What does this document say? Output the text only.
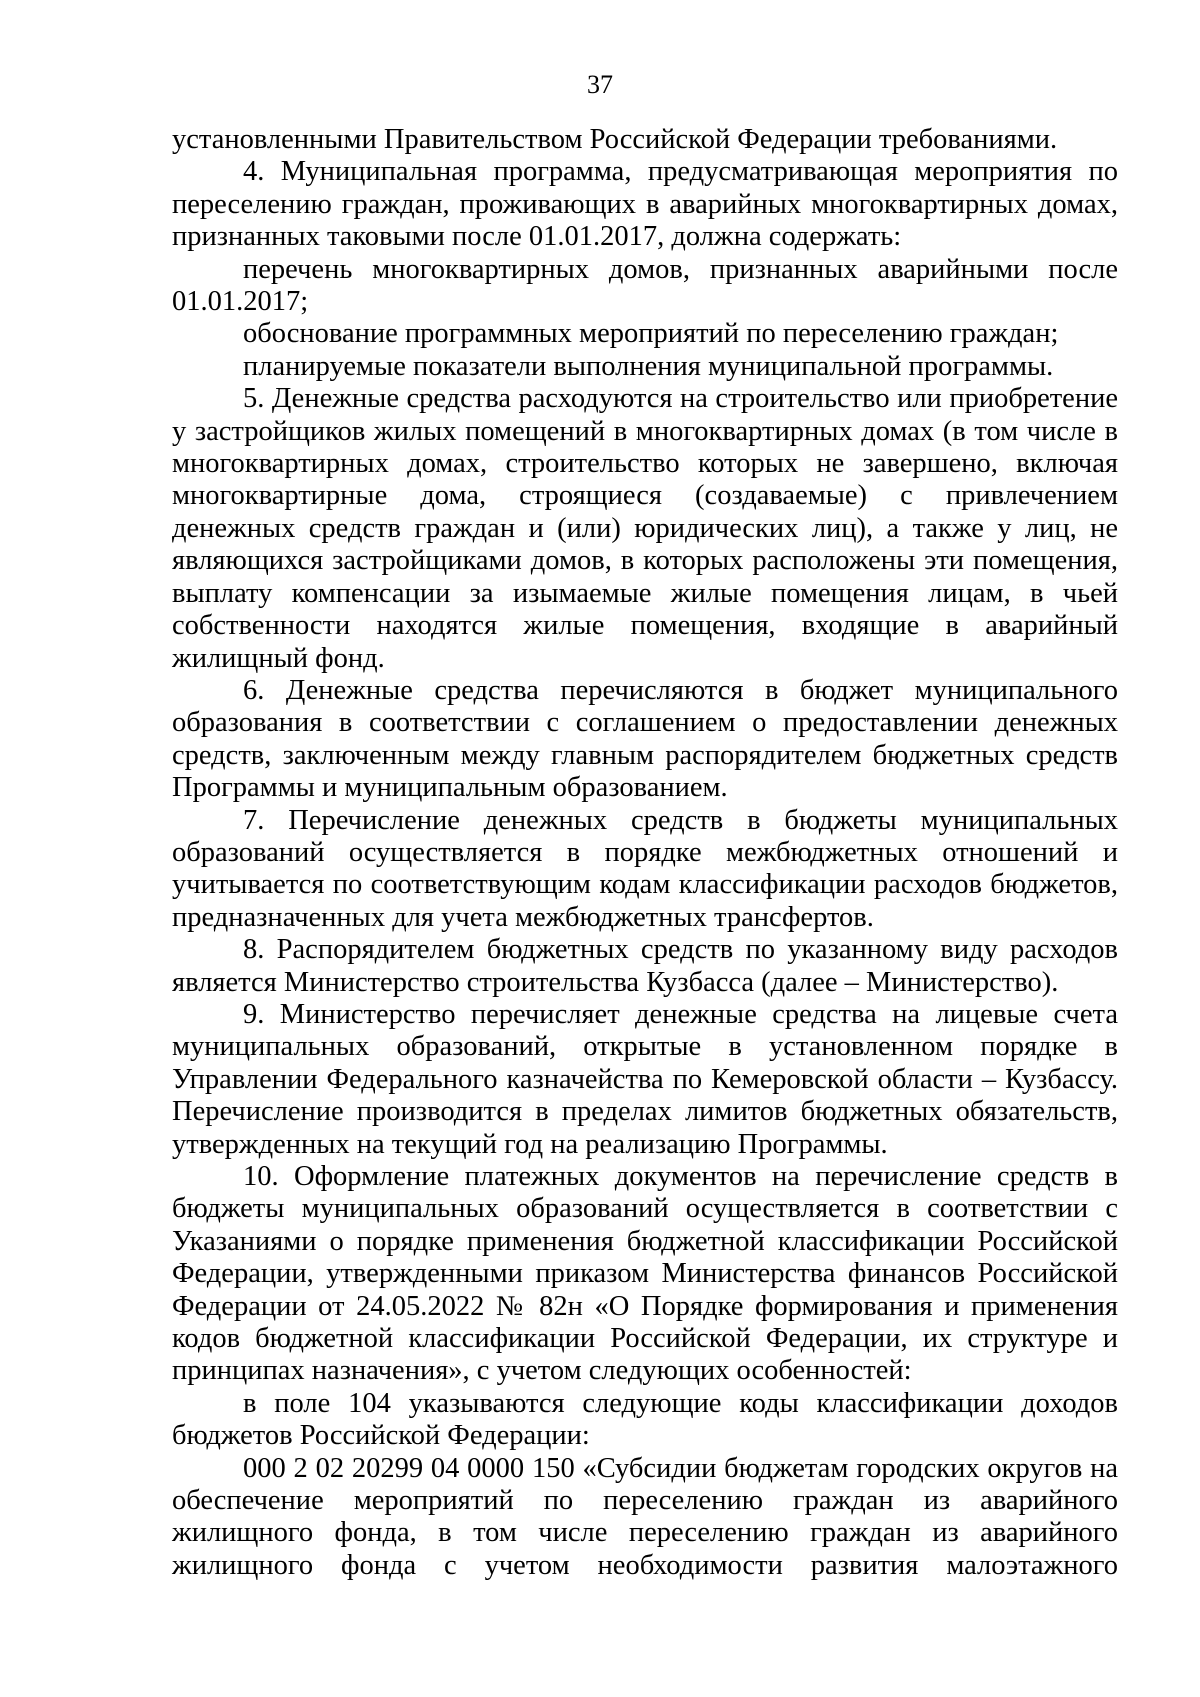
37

установленными Правительством Российской Федерации требованиями.

4. Муниципальная программа, предусматривающая мероприятия по переселению граждан, проживающих в аварийных многоквартирных домах, признанных таковыми после 01.01.2017, должна содержать:

перечень многоквартирных домов, признанных аварийными после 01.01.2017;

обоснование программных мероприятий по переселению граждан;

планируемые показатели выполнения муниципальной программы.

5. Денежные средства расходуются на строительство или приобретение у застройщиков жилых помещений в многоквартирных домах (в том числе в многоквартирных домах, строительство которых не завершено, включая многоквартирные дома, строящиеся (создаваемые) с привлечением денежных средств граждан и (или) юридических лиц), а также у лиц, не являющихся застройщиками домов, в которых расположены эти помещения, выплату компенсации за изымаемые жилые помещения лицам, в чьей собственности находятся жилые помещения, входящие в аварийный жилищный фонд.

6. Денежные средства перечисляются в бюджет муниципального образования в соответствии с соглашением о предоставлении денежных средств, заключенным между главным распорядителем бюджетных средств Программы и муниципальным образованием.

7. Перечисление денежных средств в бюджеты муниципальных образований осуществляется в порядке межбюджетных отношений и учитывается по соответствующим кодам классификации расходов бюджетов, предназначенных для учета межбюджетных трансфертов.

8. Распорядителем бюджетных средств по указанному виду расходов является Министерство строительства Кузбасса (далее – Министерство).

9. Министерство перечисляет денежные средства на лицевые счета муниципальных образований, открытые в установленном порядке в Управлении Федерального казначейства по Кемеровской области – Кузбассу. Перечисление производится в пределах лимитов бюджетных обязательств, утвержденных на текущий год на реализацию Программы.

10. Оформление платежных документов на перечисление средств в бюджеты муниципальных образований осуществляется в соответствии с Указаниями о порядке применения бюджетной классификации Российской Федерации, утвержденными приказом Министерства финансов Российской Федерации от 24.05.2022 № 82н «О Порядке формирования и применения кодов бюджетной классификации Российской Федерации, их структуре и принципах назначения», с учетом следующих особенностей:

в поле 104 указываются следующие коды классификации доходов бюджетов Российской Федерации:

000 2 02 20299 04 0000 150 «Субсидии бюджетам городских округов на обеспечение мероприятий по переселению граждан из аварийного жилищного фонда, в том числе переселению граждан из аварийного жилищного фонда с учетом необходимости развития малоэтажного
